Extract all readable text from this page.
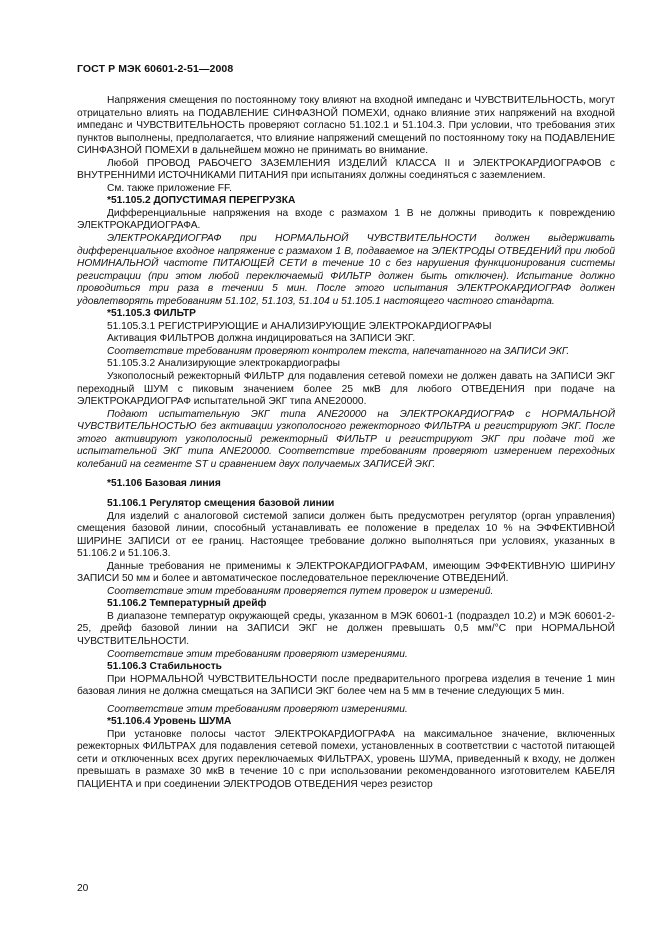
ГОСТ Р МЭК 60601-2-51—2008

Напряжения смещения по постоянному току влияют на входной импеданс и ЧУВСТВИТЕЛЬНОСТЬ, могут отрицательно влиять на ПОДАВЛЕНИЕ СИНФАЗНОЙ ПОМЕХИ, однако влияние этих напряжений на входной импеданс и ЧУВСТВИТЕЛЬНОСТЬ проверяют согласно 51.102.1 и 51.104.3. При условии, что требования этих пунктов выполнены, предполагается, что влияние напряжений смещений по постоянному току на ПОДАВЛЕНИЕ СИНФАЗНОЙ ПОМЕХИ в дальнейшем можно не принимать во внимание.

Любой ПРОВОД РАБОЧЕГО ЗАЗЕМЛЕНИЯ ИЗДЕЛИЙ КЛАССА II и ЭЛЕКТРОКАРДИОГРАФОВ с ВНУТРЕННИМИ ИСТОЧНИКАМИ ПИТАНИЯ при испытаниях должны соединяться с заземлением.

См. также приложение FF.

*51.105.2 ДОПУСТИМАЯ ПЕРЕГРУЗКА

Дифференциальные напряжения на входе с размахом 1 В не должны приводить к повреждению ЭЛЕКТРОКАРДИОГРАФА.

ЭЛЕКТРОКАРДИОГРАФ при НОРМАЛЬНОЙ ЧУВСТВИТЕЛЬНОСТИ должен выдерживать дифференциальное входное напряжение с размахом 1 В, подаваемое на ЭЛЕКТРОДЫ ОТВЕДЕНИЙ при любой НОМИНАЛЬНОЙ частоте ПИТАЮЩЕЙ СЕТИ в течение 10 с без нарушения функционирования системы регистрации (при этом любой переключаемый ФИЛЬТР должен быть отключен). Испытание должно проводиться три раза в течении 5 мин. После этого испытания ЭЛЕКТРОКАРДИОГРАФ должен удовлетворять требованиям 51.102, 51.103, 51.104 и 51.105.1 настоящего частного стандарта.

*51.105.3 ФИЛЬТР

51.105.3.1 РЕГИСТРИРУЮЩИЕ и АНАЛИЗИРУЮЩИЕ ЭЛЕКТРОКАРДИОГРАФЫ

Активация ФИЛЬТРОВ должна индицироваться на ЗАПИСИ ЭКГ.

Соответствие требованиям проверяют контролем текста, напечатанного на ЗАПИСИ ЭКГ.

51.105.3.2 Анализирующие электрокардиографы

Узкополосный режекторный ФИЛЬТР для подавления сетевой помехи не должен давать на ЗАПИСИ ЭКГ переходный ШУМ с пиковым значением более 25 мкВ для любого ОТВЕДЕНИЯ при подаче на ЭЛЕКТРОКАРДИОГРАФ испытательной ЭКГ типа ANE20000.

Подают испытательную ЭКГ типа ANE20000 на ЭЛЕКТРОКАРДИОГРАФ с НОРМАЛЬНОЙ ЧУВСТВИТЕЛЬНОСТЬЮ без активации узкополосного режекторного ФИЛЬТРА и регистрируют ЭКГ. После этого активируют узкополосный режекторный ФИЛЬТР и регистрируют ЭКГ при подаче той же испытательной ЭКГ типа ANE20000. Соответствие требованиям проверяют измерением переходных колебаний на сегменте ST и сравнением двух получаемых ЗАПИСЕЙ ЭКГ.

*51.106 Базовая линия

51.106.1 Регулятор смещения базовой линии

Для изделий с аналоговой системой записи должен быть предусмотрен регулятор (орган управления) смещения базовой линии, способный устанавливать ее положение в пределах 10 % на ЭФФЕКТИВНОЙ ШИРИНЕ ЗАПИСИ от ее границ. Настоящее требование должно выполняться при условиях, указанных в 51.106.2 и 51.106.3.

Данные требования не применимы к ЭЛЕКТРОКАРДИОГРАФАМ, имеющим ЭФФЕКТИВНУЮ ШИРИНУ ЗАПИСИ 50 мм и более и автоматическое последовательное переключение ОТВЕДЕНИЙ.

Соответствие этим требованиям проверяется путем проверок и измерений.

51.106.2 Температурный дрейф

В диапазоне температур окружающей среды, указанном в МЭК 60601-1 (подраздел 10.2) и МЭК 60601-2-25, дрейф базовой линии на ЗАПИСИ ЭКГ не должен превышать 0,5 мм/°С при НОРМАЛЬНОЙ ЧУВСТВИТЕЛЬНОСТИ.

Соответствие этим требованиям проверяют измерениями.

51.106.3 Стабильность

При НОРМАЛЬНОЙ ЧУВСТВИТЕЛЬНОСТИ после предварительного прогрева изделия в течение 1 мин базовая линия не должна смещаться на ЗАПИСИ ЭКГ более чем на 5 мм в течение следующих 5 мин.

Соответствие этим требованиям проверяют измерениями.

*51.106.4 Уровень ШУМА

При установке полосы частот ЭЛЕКТРОКАРДИОГРАФА на максимальное значение, включенных режекторных ФИЛЬТРАХ для подавления сетевой помехи, установленных в соответствии с частотой питающей сети и отключенных всех других переключаемых ФИЛЬТРАХ, уровень ШУМА, приведенный к входу, не должен превышать в размахе 30 мкВ в течение 10 с при использовании рекомендованного изготовителем КАБЕЛЯ ПАЦИЕНТА и при соединении ЭЛЕКТРОДОВ ОТВЕДЕНИЯ через резистор

20
